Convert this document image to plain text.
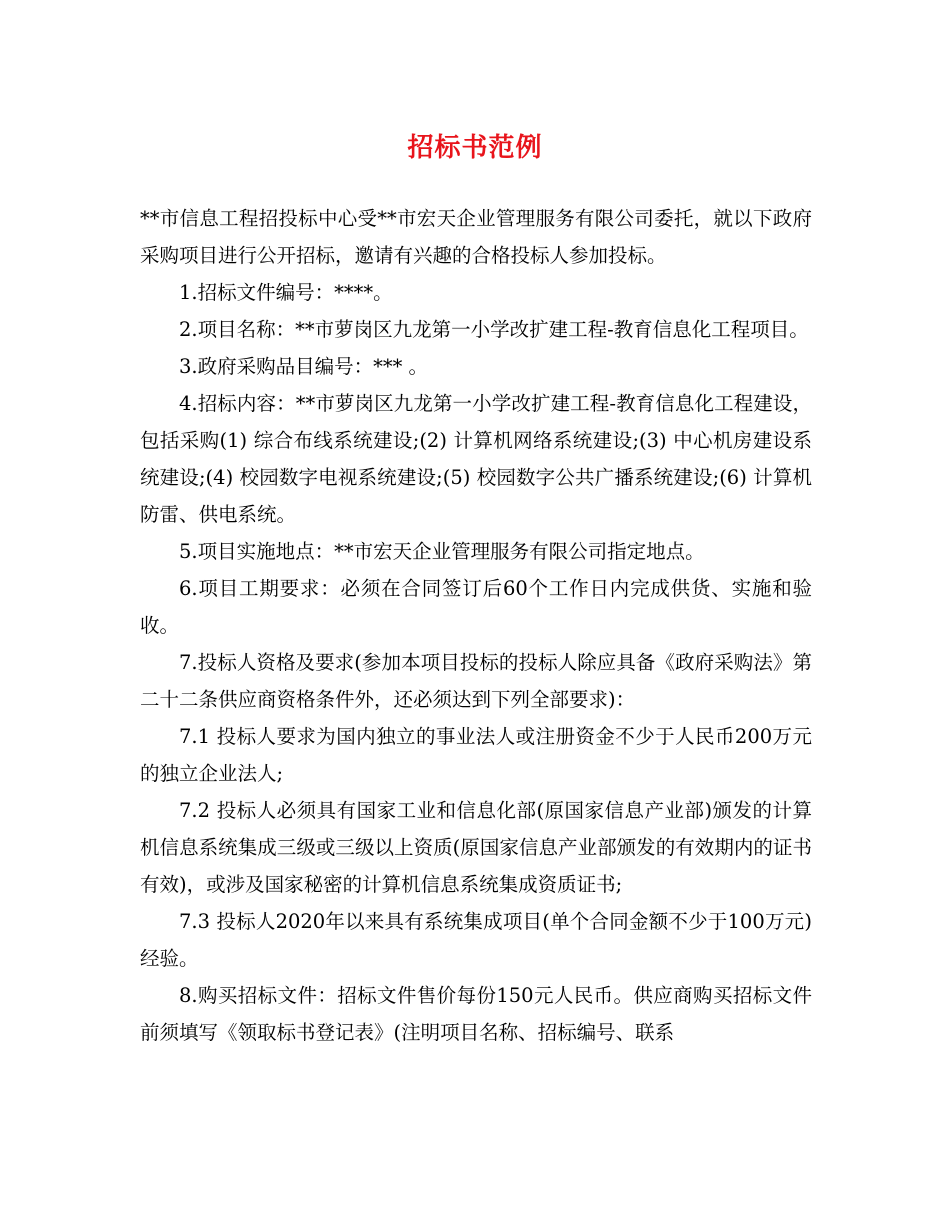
招标书范例

**市信息工程招投标中心受**市宏天企业管理服务有限公司委托，就以下政府采购项目进行公开招标，邀请有兴趣的合格投标人参加投标。

1.招标文件编号：****。

2.项目名称：**市萝岗区九龙第一小学改扩建工程-教育信息化工程项目。

3.政府采购品目编号：*** 。

4.招标内容：**市萝岗区九龙第一小学改扩建工程-教育信息化工程建设，包括采购(1) 综合布线系统建设;(2) 计算机网络系统建设;(3) 中心机房建设系统建设;(4) 校园数字电视系统建设;(5) 校园数字公共广播系统建设;(6) 计算机防雷、供电系统。

5.项目实施地点：**市宏天企业管理服务有限公司指定地点。

6.项目工期要求：必须在合同签订后60个工作日内完成供货、实施和验收。

7.投标人资格及要求(参加本项目投标的投标人除应具备《政府采购法》第二十二条供应商资格条件外，还必须达到下列全部要求)：

7.1 投标人要求为国内独立的事业法人或注册资金不少于人民币200万元的独立企业法人;

7.2 投标人必须具有国家工业和信息化部(原国家信息产业部)颁发的计算机信息系统集成三级或三级以上资质(原国家信息产业部颁发的有效期内的证书有效)，或涉及国家秘密的计算机信息系统集成资质证书;

7.3 投标人2020年以来具有系统集成项目(单个合同金额不少于100万元)经验。

8.购买招标文件：招标文件售价每份150元人民币。供应商购买招标文件前须填写《领取标书登记表》(注明项目名称、招标编号、联系
